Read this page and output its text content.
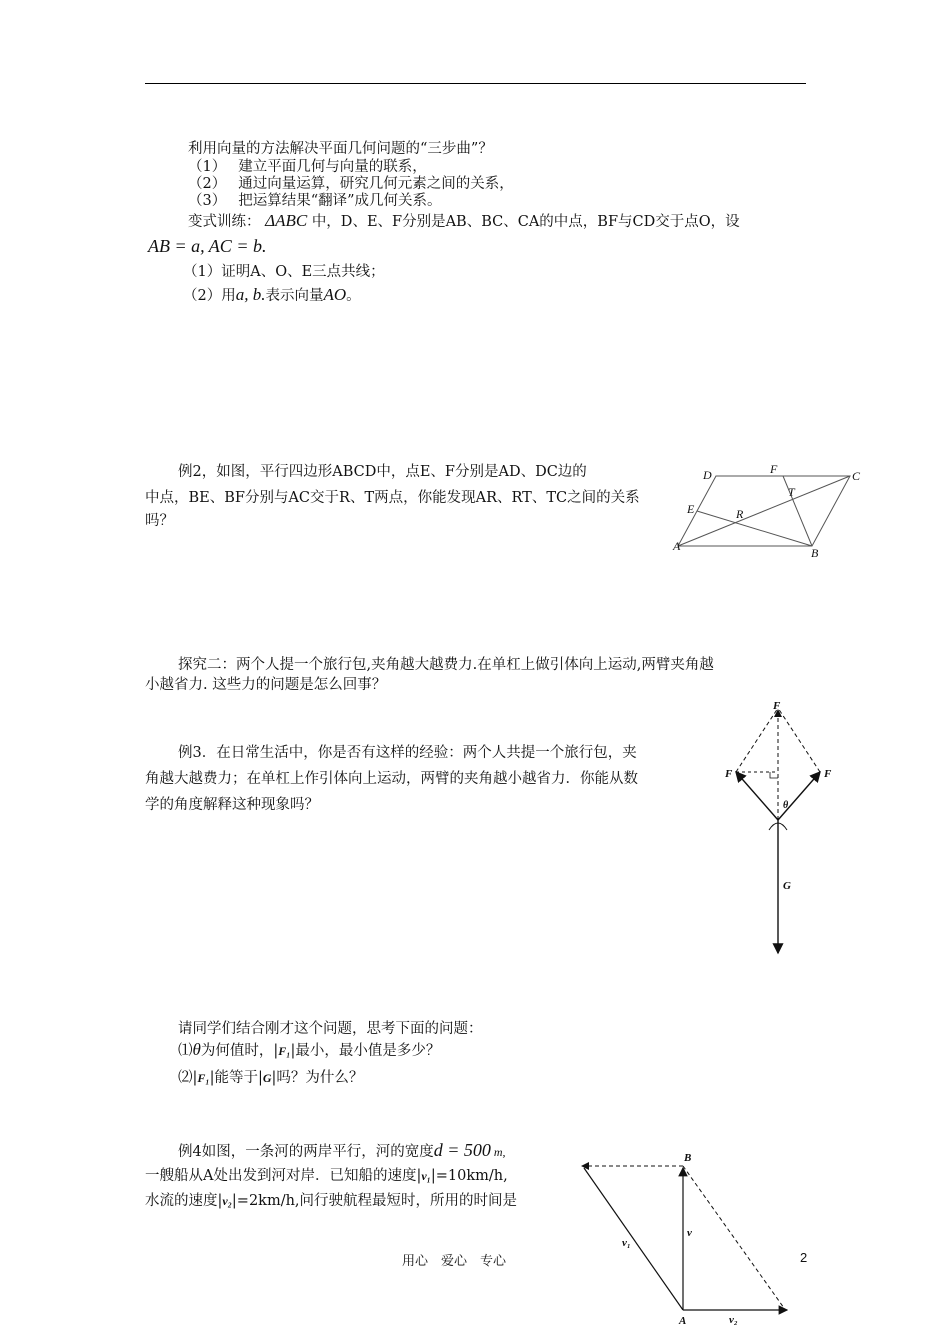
利用向量的方法解决平面几何问题的“三步曲”？
（1） 建立平面几何与向量的联系，
（2） 通过向量运算，研究几何元素之间的关系，
（3） 把运算结果“翻译”成几何关系。
变式训练： ΔABC 中，D、E、F分别是AB、BC、CA的中点，BF与CD交于点O，设
AB = a, AC = b.
（1）证明A、O、E三点共线；
（2）用a, b.表示向量AO。
例2，如图，平行四边形ABCD中，点E、F分别是AD、DC边的
中点，BE、BF分别与AC交于R、T两点，你能发现AR、RT、TC之间的关系
吗？
D	F	C
T
E	R
A	B
探究二：两个人提一个旅行包,夹角越大越费力.在单杠上做引体向上运动,两臂夹角越
小越省力. 这些力的问题是怎么回事？
例3．在日常生活中，你是否有这样的经验：两个人共提一个旅行包，夹
角越大越费力；在单杠上作引体向上运动，两臂的夹角越小越省力．你能从数
学的角度解释这种现象吗？
F
F	F
θ
G
请同学们结合刚才这个问题，思考下面的问题：
⑴θ为何值时，|F₁|最小，最小值是多少？
⑵|F₁|能等于|G|吗？为什么？
例4如图，一条河的两岸平行，河的宽度d = 500 m,
一艘船从A处出发到河对岸．已知船的速度|v₁|=10km/h,
水流的速度|v₂|=2km/h,问行驶航程最短时，所用的时间是
B
v
v₁
A	v₂
用心　爱心　专心	2
